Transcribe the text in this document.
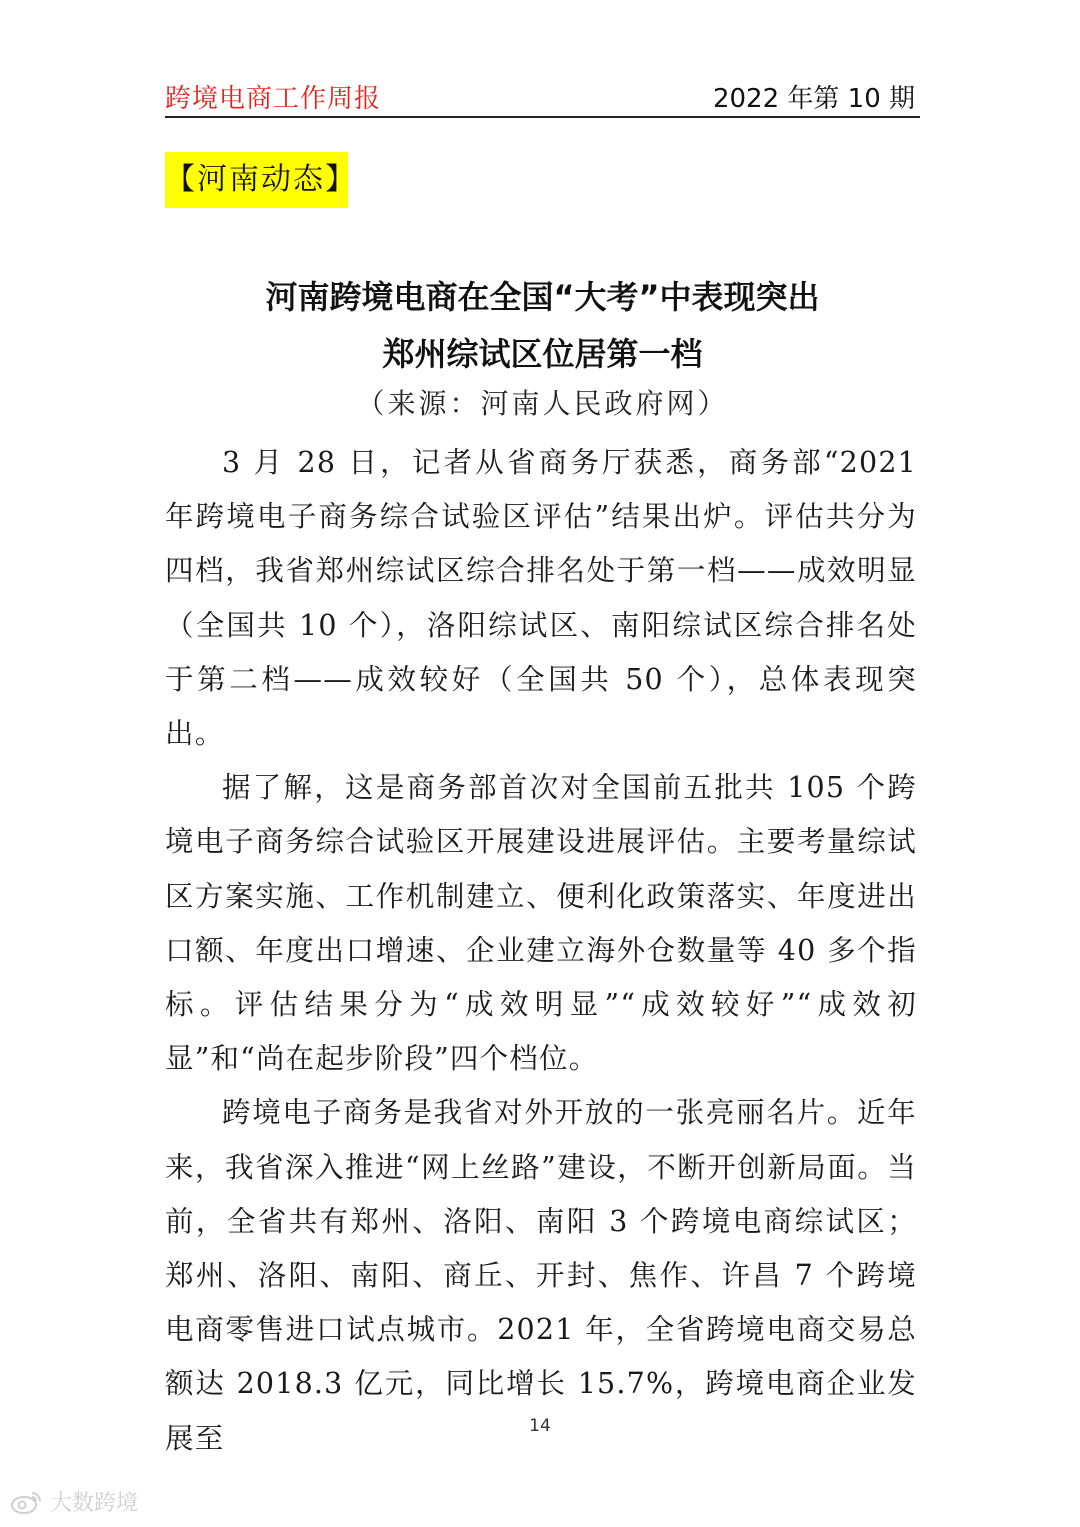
跨境电商工作周报	2022 年第 10 期
【河南动态】
河南跨境电商在全国“大考”中表现突出
郑州综试区位居第一档
（来源：河南人民政府网）

3 月 28 日，记者从省商务厅获悉，商务部“2021 年跨境电子商务综合试验区评估”结果出炉。评估共分为四档，我省郑州综试区综合排名处于第一档——成效明显（全国共 10 个），洛阳综试区、南阳综试区综合排名处于第二档——成效较好（全国共 50 个），总体表现突出。

据了解，这是商务部首次对全国前五批共 105 个跨境电子商务综合试验区开展建设进展评估。主要考量综试区方案实施、工作机制建立、便利化政策落实、年度进出口额、年度出口增速、企业建立海外仓数量等 40 多个指标。评估结果分为“成效明显”“成效较好”“成效初显”和“尚在起步阶段”四个档位。

跨境电子商务是我省对外开放的一张亮丽名片。近年来，我省深入推进“网上丝路”建设，不断开创新局面。当前，全省共有郑州、洛阳、南阳 3 个跨境电商综试区；郑州、洛阳、南阳、商丘、开封、焦作、许昌 7 个跨境电商零售进口试点城市。2021 年，全省跨境电商交易总额达 2018.3 亿元，同比增长 15.7%，跨境电商企业发展至	14
大数跨境
